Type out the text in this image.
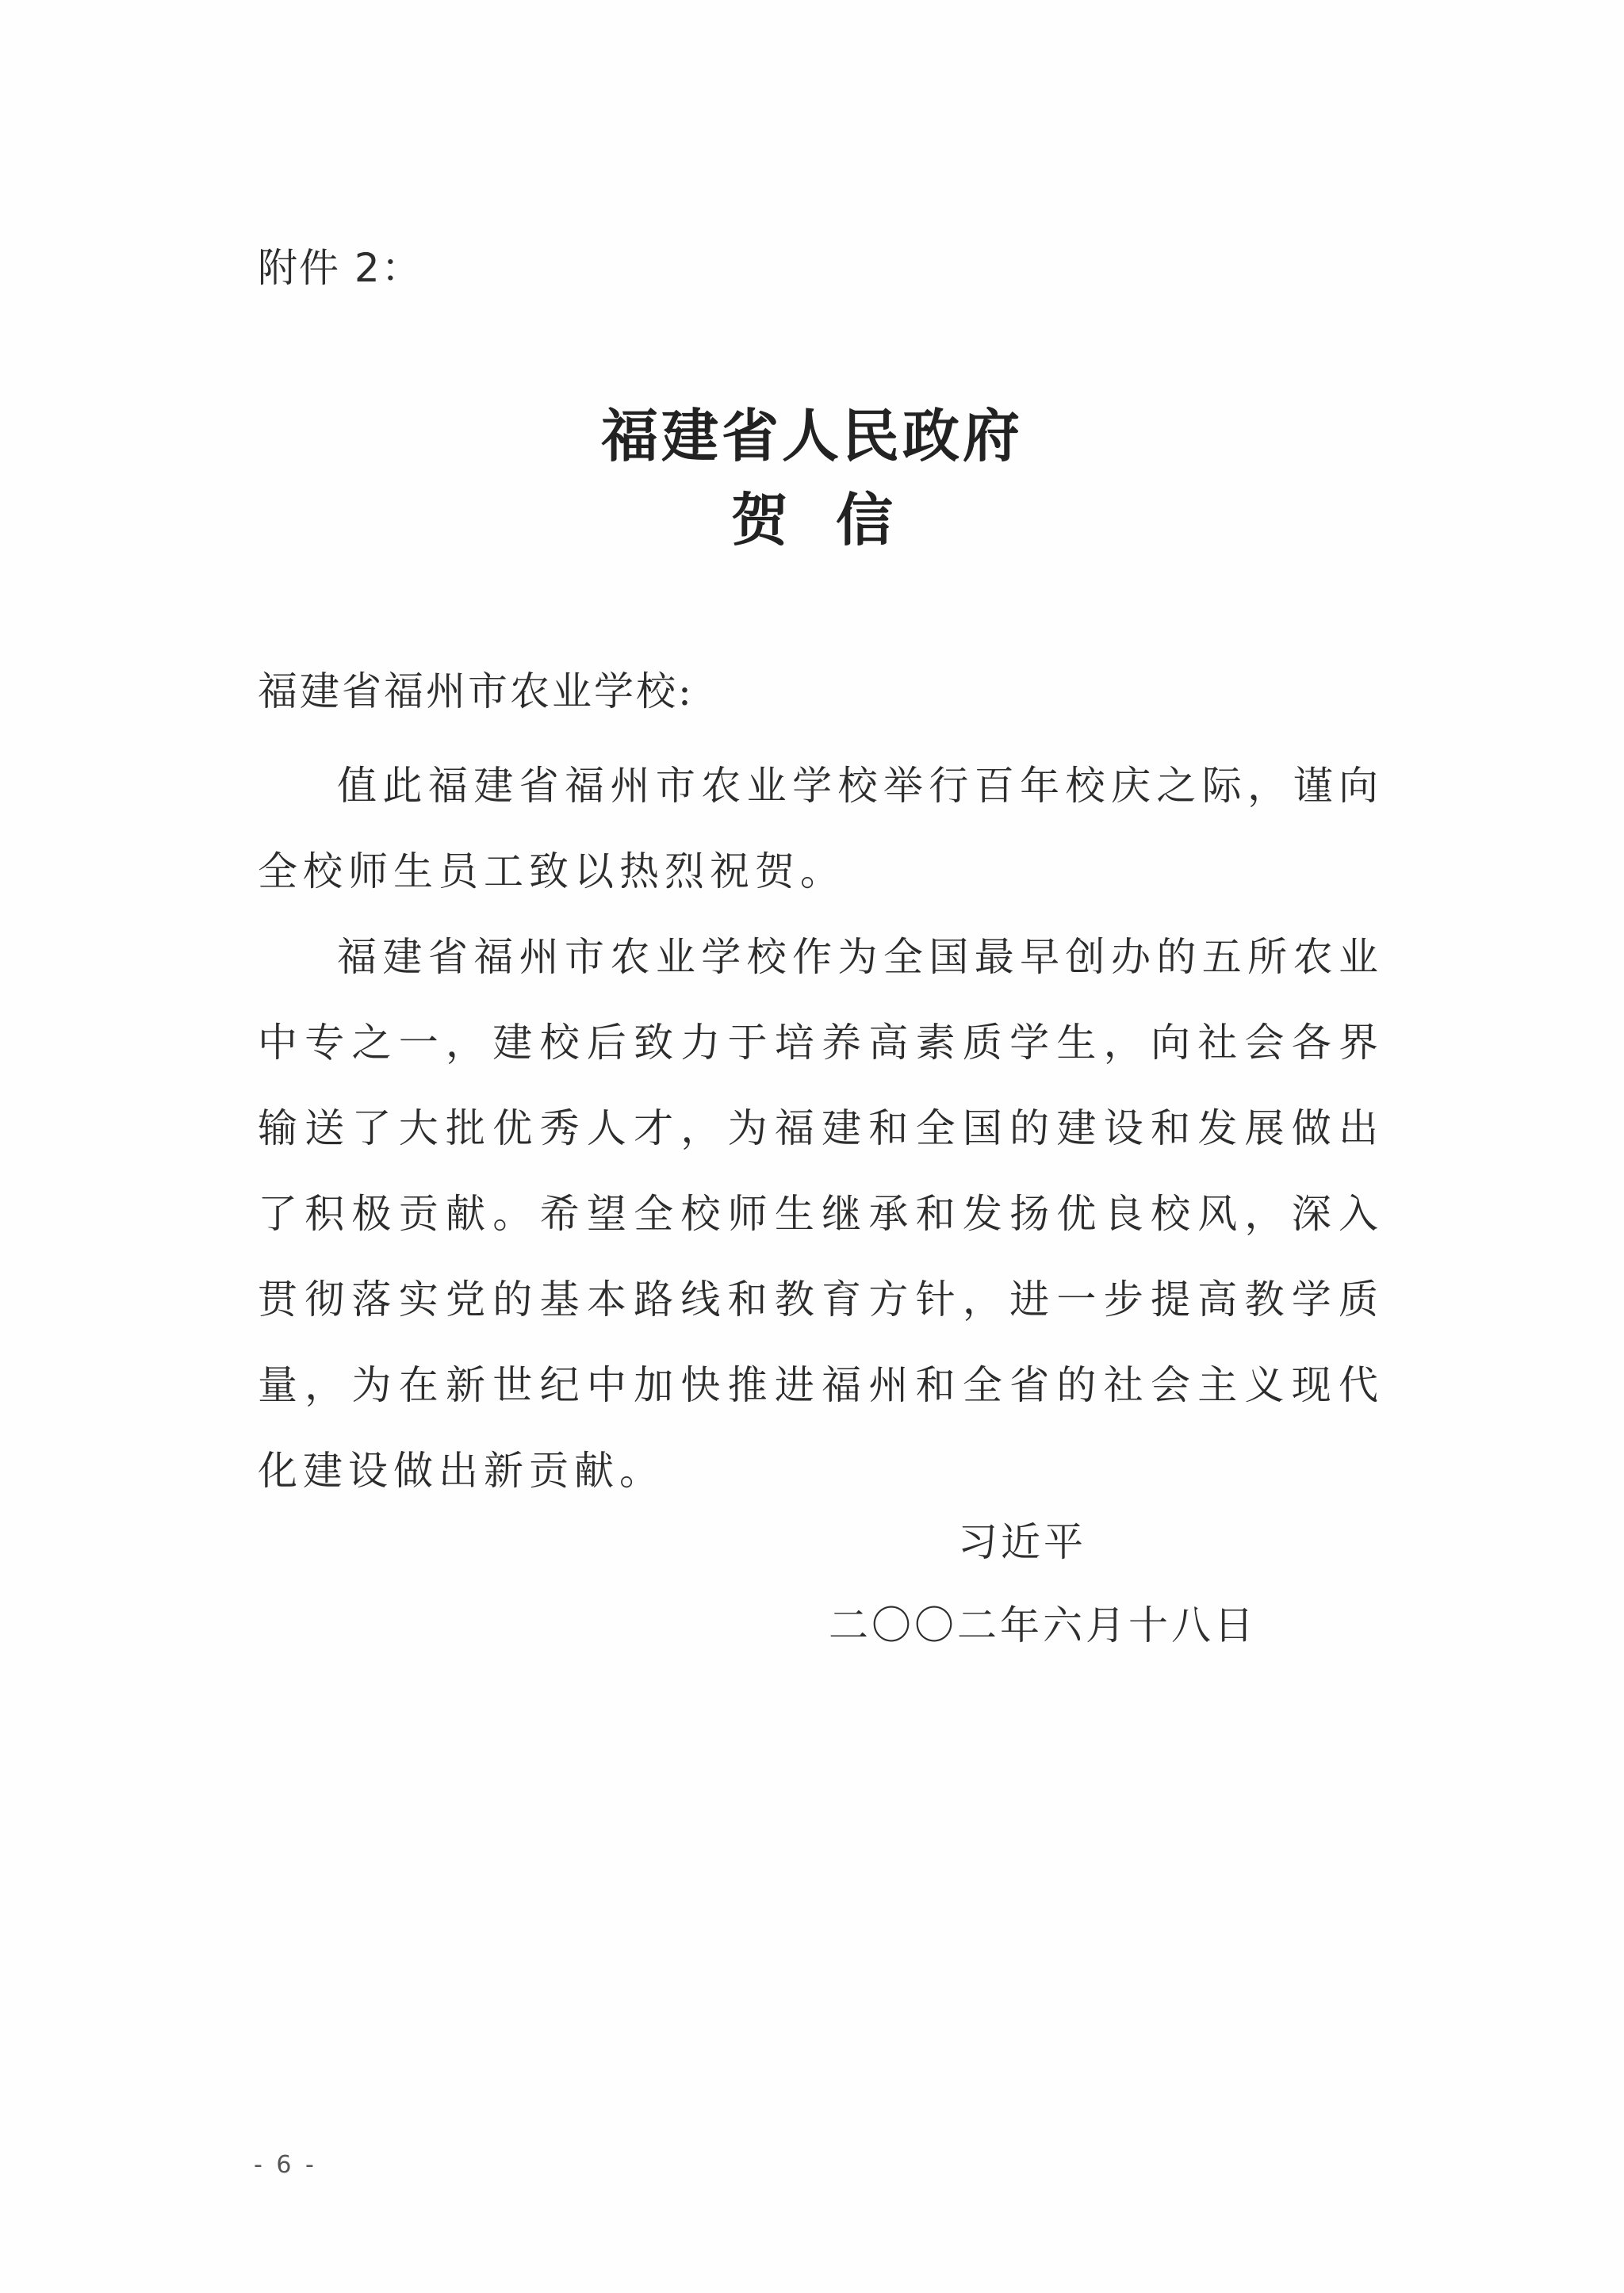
附件 2：
福建省人民政府
贺信
福建省福州市农业学校:

值此福建省福州市农业学校举行百年校庆之际，谨向全校师生员工致以热烈祝贺。

福建省福州市农业学校作为全国最早创办的五所农业中专之一，建校后致力于培养高素质学生，向社会各界输送了大批优秀人才，为福建和全国的建设和发展做出了积极贡献。希望全校师生继承和发扬优良校风，深入贯彻落实党的基本路线和教育方针，进一步提高教学质量，为在新世纪中加快推进福州和全省的社会主义现代化建设做出新贡献。

习近平
二〇〇二年六月十八日
- 6 -
